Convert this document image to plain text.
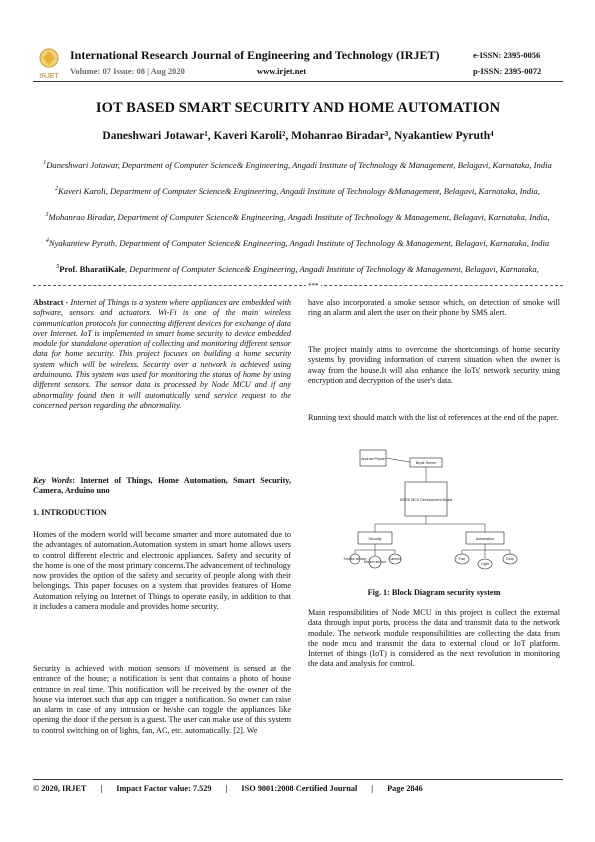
IRJET
International Research Journal of Engineering and Technology (IRJET)
Volume: 07 Issue: 08 | Aug 2020	www.irjet.net
e-ISSN: 2395-0056
p-ISSN: 2395-0072
IOT BASED SMART SECURITY AND HOME AUTOMATION
Daneshwari Jotawar¹, Kaveri Karoli², Mohanrao Biradar³, Nyakantiew Pyruth⁴
$^1$Daneshwari Jotawar, Department of Computer Science& Engineering, Angadi Institute of Technology & Management, Belagavi, Karnataka, India
$^2$Kaveri Karoli, Department of Computer Science& Engineering, Angadi Institute of Technology &Management, Belagavi, Karnataka, India,
$^3$Mohanrao Biradar, Department of Computer Science& Engineering, Angadi Institute of Technology & Management, Belagavi, Karnataka, India,
$^4$Nyakantiew Pyruth, Department of Computer Science& Engineering, Angadi Institute of Technology & Management, Belagavi, Karnataka, India
$^5$Prof. BharatiKale, Department of Computer Science& Engineering, Angadi Institute of Technology & Management, Belagavi, Karnataka,
***

Abstract - Internet of Things is a system where appliances are embedded with software, sensors and actuators. Wi-Fi is one of the main wireless communication protocols for connecting different devices for exchange of data over Internet. IoT is implemented in smart home security to device embedded module for standalone operation of collecting and monitoring different sensor data for home security. This project focuses on building a home security system which will be wireless. Security over a network is achieved using arduinouno. This system was used for monitoring the status of home by using different sensors. The sensor data is processed by Node MCU and if any abnormality found then it will automatically send service request to the concerned person regarding the abnormality.

Key Words: Internet of Things, Home Automation, Smart Security, Camera, Arduino uno

1. INTRODUCTION
Homes of the modern world will become smarter and more automated due to the advantages of automation.Automation system in smart home allows users to control different electric and electronic appliances. Safety and security of the home is one of the most primary concerns.The advancement of technology now provides the option of the safety and security of people along with their belongings. This paper focuses on a system that provides features of Home Automation relying on Internet of Things to operate easily, in addition to that it includes a camera module and provides home security.
Security is achieved with motion sensors if movement is sensed at the entrance of the house; a notification is sent that contains a photo of house entrance in real time. This notification will be received by the owner of the house via internet such that app can trigger a notification. So owner can raise an alarm in case of any intrusion or he/she can toggle the appliances like opening the door if the person is a guest. The user can make use of this system to control switching on of lights, fan, AC, etc. automatically. [2]. We
have also incorporated a smoke sensor which, on detection of smoke will ring an alarm and alert the user on their phone by SMS alert.
The project mainly aims to overcome the shortcomings of home security systems by providing information of current situation when the owner is away from the house.It will also enhance the IoTs' network security using encryption and decryption of the user's data.
Running text should match with the list of references at the end of the paper.
Android Phone
Blynk Server
NODE MCU Development Board
Security	Automation
Smoke sensor
Motion sensor
Camera	Fan
Light
Door
Fig. 1: Block Diagram security system
Main responsibilities of Node MCU in this project is collect the external data through input ports, process the data and transmit data to the network module. The network module responsibilities are collecting the data from the node mcu and transmit the data to external cloud or IoT platform. Internet of things (IoT) is considered as the next revolution in monitoring the data and analysis for control.
© 2020, IRJET | Impact Factor value: 7.529 | ISO 9001:2008 Certified Journal | Page 2846
